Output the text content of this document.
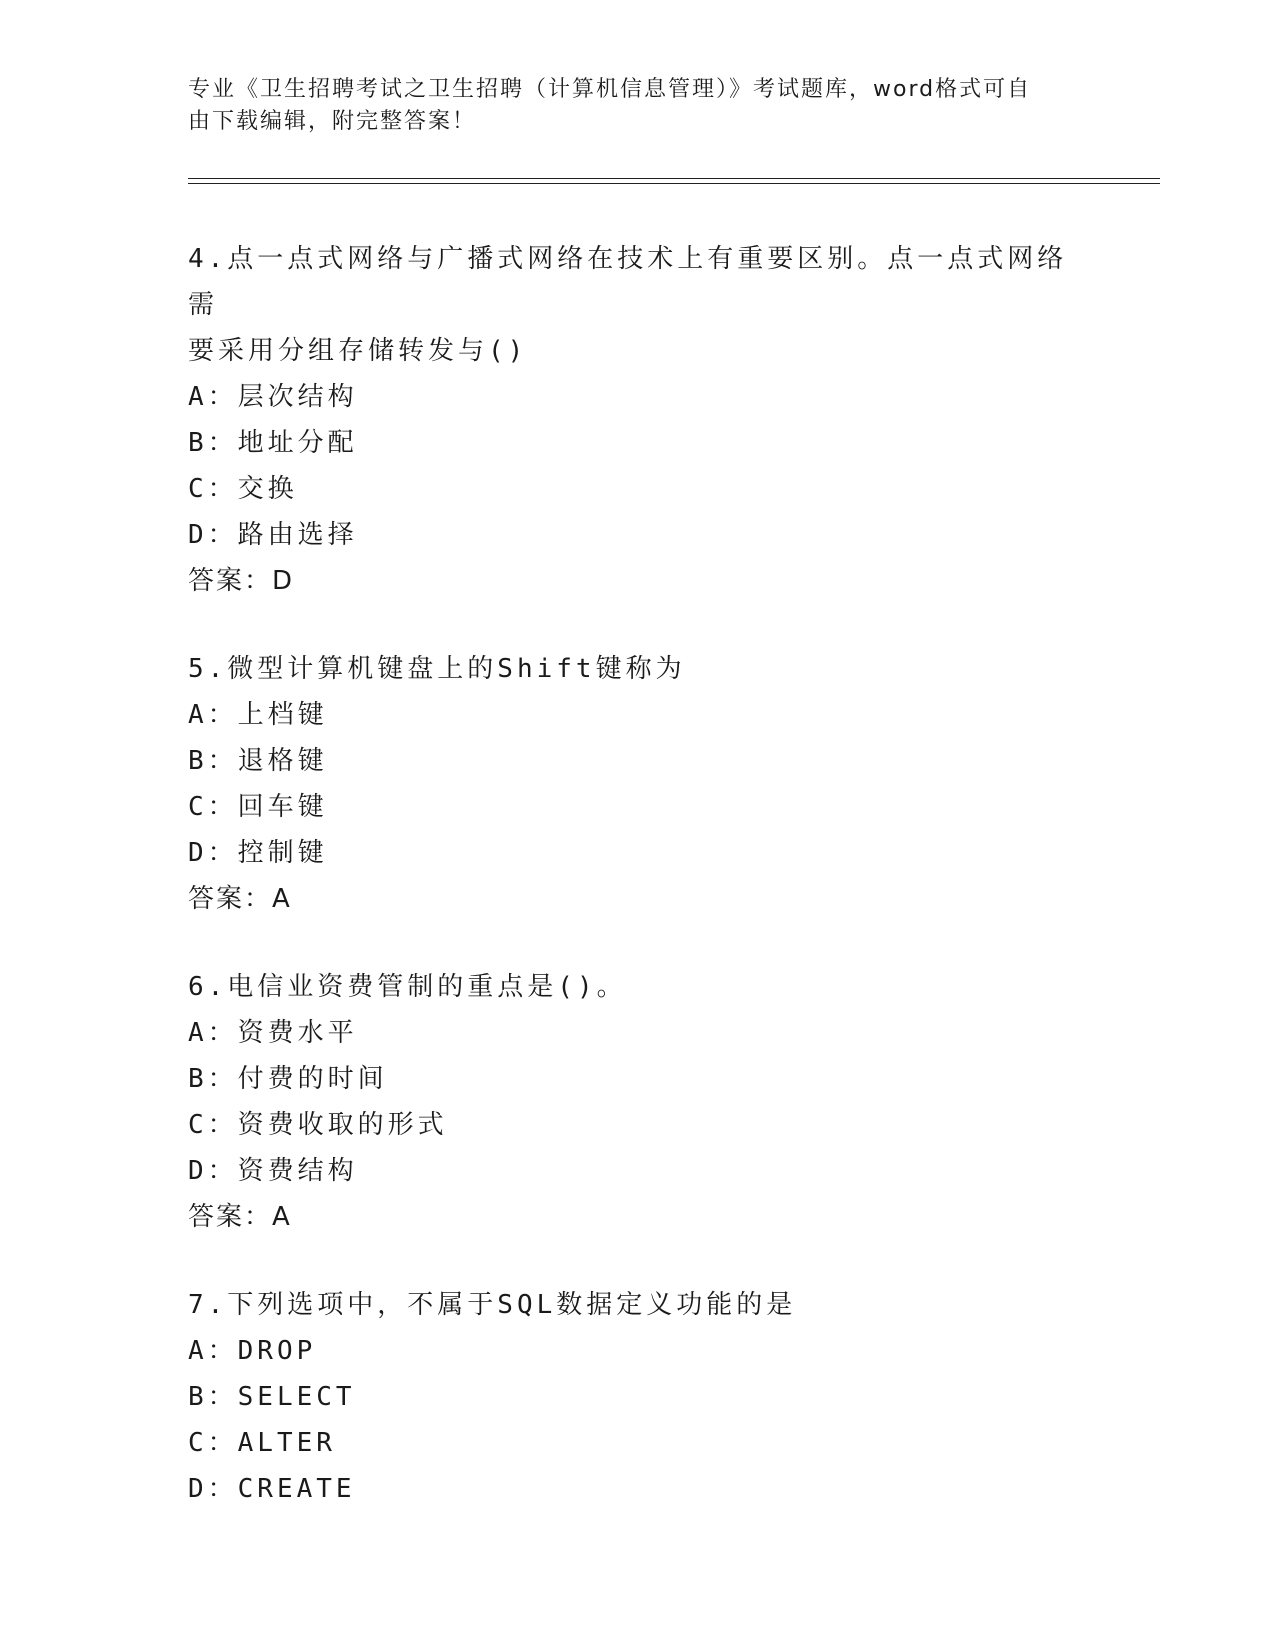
专业《卫生招聘考试之卫生招聘（计算机信息管理）》考试题库，word格式可自
由下载编辑，附完整答案！
4.点一点式网络与广播式网络在技术上有重要区别。点一点式网络需
要采用分组存储转发与()
A：层次结构
B：地址分配
C：交换
D：路由选择
答案：D
5.微型计算机键盘上的Shift键称为
A：上档键
B：退格键
C：回车键
D：控制键
答案：A
6.电信业资费管制的重点是()。
A：资费水平
B：付费的时间
C：资费收取的形式
D：资费结构
答案：A
7.下列选项中，不属于SQL数据定义功能的是
A：DROP
B：SELECT
C：ALTER
D：CREATE
